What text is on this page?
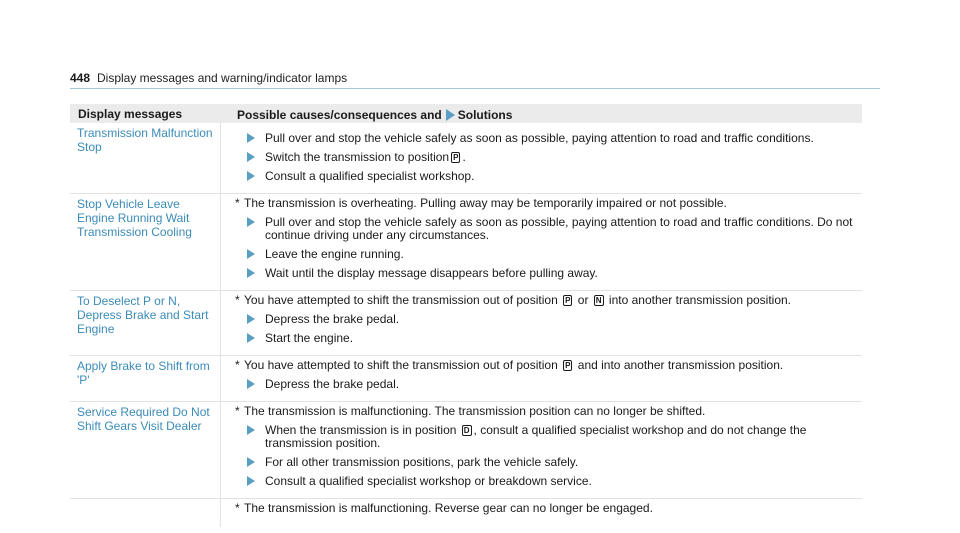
448 Display messages and warning/indicator lamps
Display messages	Possible causes/consequences and Solutions
Transmission Malfunction Stop
Pull over and stop the vehicle safely as soon as possible, paying attention to road and traffic conditions.
Switch the transmission to position P .
Consult a qualified specialist workshop.
Stop Vehicle Leave Engine Running Wait Transmission Cooling
* The transmission is overheating. Pulling away may be temporarily impaired or not possible.
Pull over and stop the vehicle safely as soon as possible, paying attention to road and traffic conditions. Do not continue driving under any circumstances.
Leave the engine running.
Wait until the display message disappears before pulling away.
To Deselect P or N, Depress Brake and Start Engine
* You have attempted to shift the transmission out of position P or N into another transmission position.
Depress the brake pedal.
Start the engine.
Apply Brake to Shift from 'P'
* You have attempted to shift the transmission out of position P and into another transmission position.
Depress the brake pedal.
Service Required Do Not Shift Gears Visit Dealer
* The transmission is malfunctioning. The transmission position can no longer be shifted.
When the transmission is in position D , consult a qualified specialist workshop and do not change the transmission position.
For all other transmission positions, park the vehicle safely.
Consult a qualified specialist workshop or breakdown service.
* The transmission is malfunctioning. Reverse gear can no longer be engaged.
